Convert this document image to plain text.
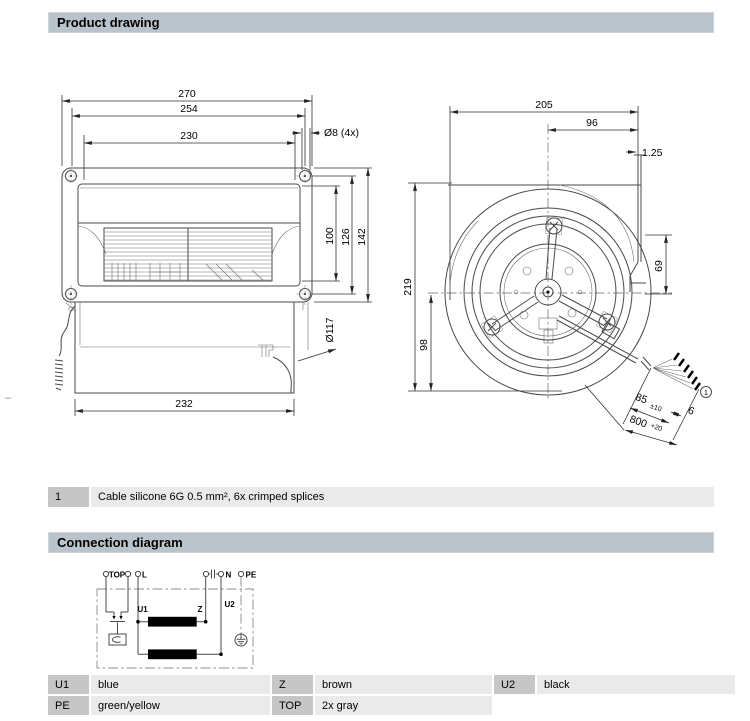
Product drawing
270
254
230	Ø8 (4x)
100 126 142
Ø117
232
205
96
1.25
69
219
98
1
85
±10 6
800 +20
–
1	Cable silicone 6G 0.5 mm², 6x crimped splices
Connection diagram
TOP L	N PE
U1	Z
U2
U1	blue	Z	brown	U2	black
PE	green/yellow	TOP	2x gray
